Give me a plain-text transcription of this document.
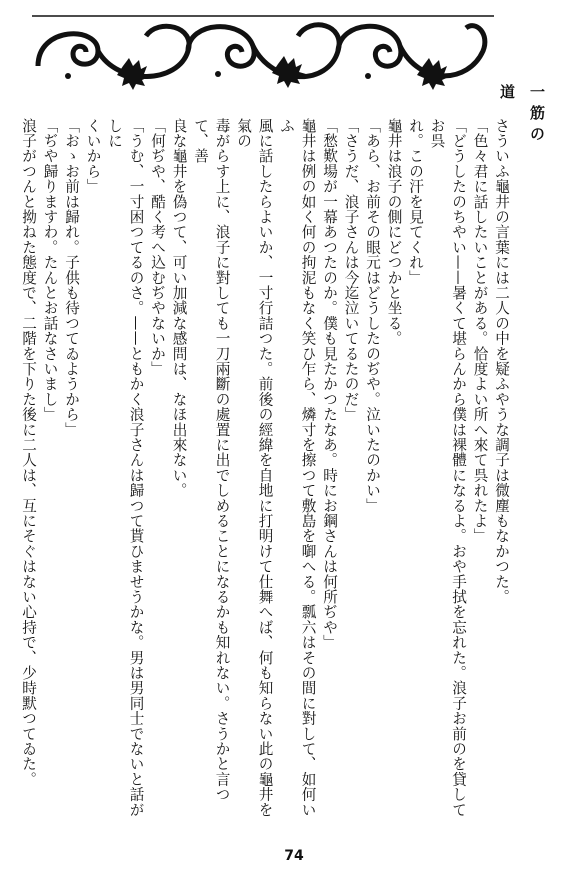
一筋の道

さういふ龜井の言葉には二人の中を疑ふやうな調子は微塵もなかつた。

「色々君に話したいことがある。恰度よい所へ來て呉れたよ」

「どうしたのちやい——暑くて堪らんから僕は裸體になるよ。おや手拭を忘れた。浪子お前のを貸してお呉

れ。この汗を見てくれ」

龜井は浪子の側にどつかと坐る。

「あら、お前その眼元はどうしたのぢや。泣いたのかい」

「さうだ、浪子さんは今迄泣いてるたのだ」

「愁歎場が一幕あつたのか。僕も見たかつたなあ。時にお鋼さんは何所ぢや」

龜井は例の如く何の拘泥もなく笑ひ乍ら、燐寸を擦つて敷島を啣へる。瓢六はその間に對して、如何いふ

風に話したらよいか、一寸行詰つた。前後の經緯を自地に打明けて仕舞へば、何も知らない此の龜井を氣の

毒がらす上に、浪子に對しても一刀兩斷の處置に出でしめることになるかも知れない。さうかと言つて、善

良な龜井を偽つて、可い加減な感問は、なほ出來ない。

「何ぢや、酷く考へ込むぢやないか」

「うむ、一寸困つてるのさ。——ともかく浪子さんは歸つて貰ひませうかな。男は男同士でないと話がしに

くいから」

「おゝお前は歸れ。子供も待つてゐようから」

「ぢや歸りますわ。たんとお話なさいまし」

浪子がつんと拗ねた態度で、二階を下りた後に二人は、互にそぐはない心持で、少時默つてゐた。

74
